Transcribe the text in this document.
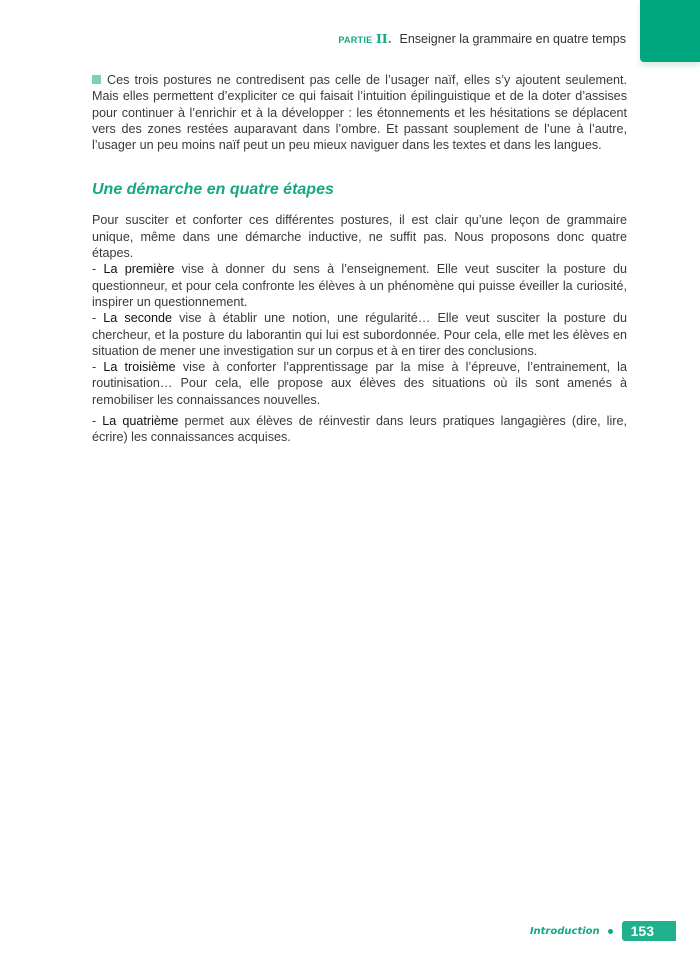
PARTIE II. Enseigner la grammaire en quatre temps

Ces trois postures ne contredisent pas celle de l’usager naïf, elles s’y ajoutent seulement. Mais elles permettent d’expliciter ce qui faisait l’intuition épilinguistique et de la doter d’assises pour continuer à l’enrichir et à la développer : les étonnements et les hésitations se déplacent vers des zones restées auparavant dans l’ombre. Et passant souplement de l’une à l’autre, l’usager un peu moins naïf peut un peu mieux naviguer dans les textes et dans les langues.

Une démarche en quatre étapes

Pour susciter et conforter ces différentes postures, il est clair qu’une leçon de grammaire unique, même dans une démarche inductive, ne suffit pas. Nous proposons donc quatre étapes.

- La première vise à donner du sens à l’enseignement. Elle veut susciter la posture du questionneur, et pour cela confronte les élèves à un phénomène qui puisse éveiller la curiosité, inspirer un questionnement.

- La seconde vise à établir une notion, une régularité… Elle veut susciter la posture du chercheur, et la posture du laborantin qui lui est subordonnée. Pour cela, elle met les élèves en situation de mener une investigation sur un corpus et à en tirer des conclusions.

- La troisième vise à conforter l’apprentissage par la mise à l’épreuve, l’entrainement, la routinisation… Pour cela, elle propose aux élèves des situations où ils sont amenés à remobiliser les connaissances nouvelles.

- La quatrième permet aux élèves de réinvestir dans leurs pratiques langagières (dire, lire, écrire) les connaissances acquises.

Introduction	153
